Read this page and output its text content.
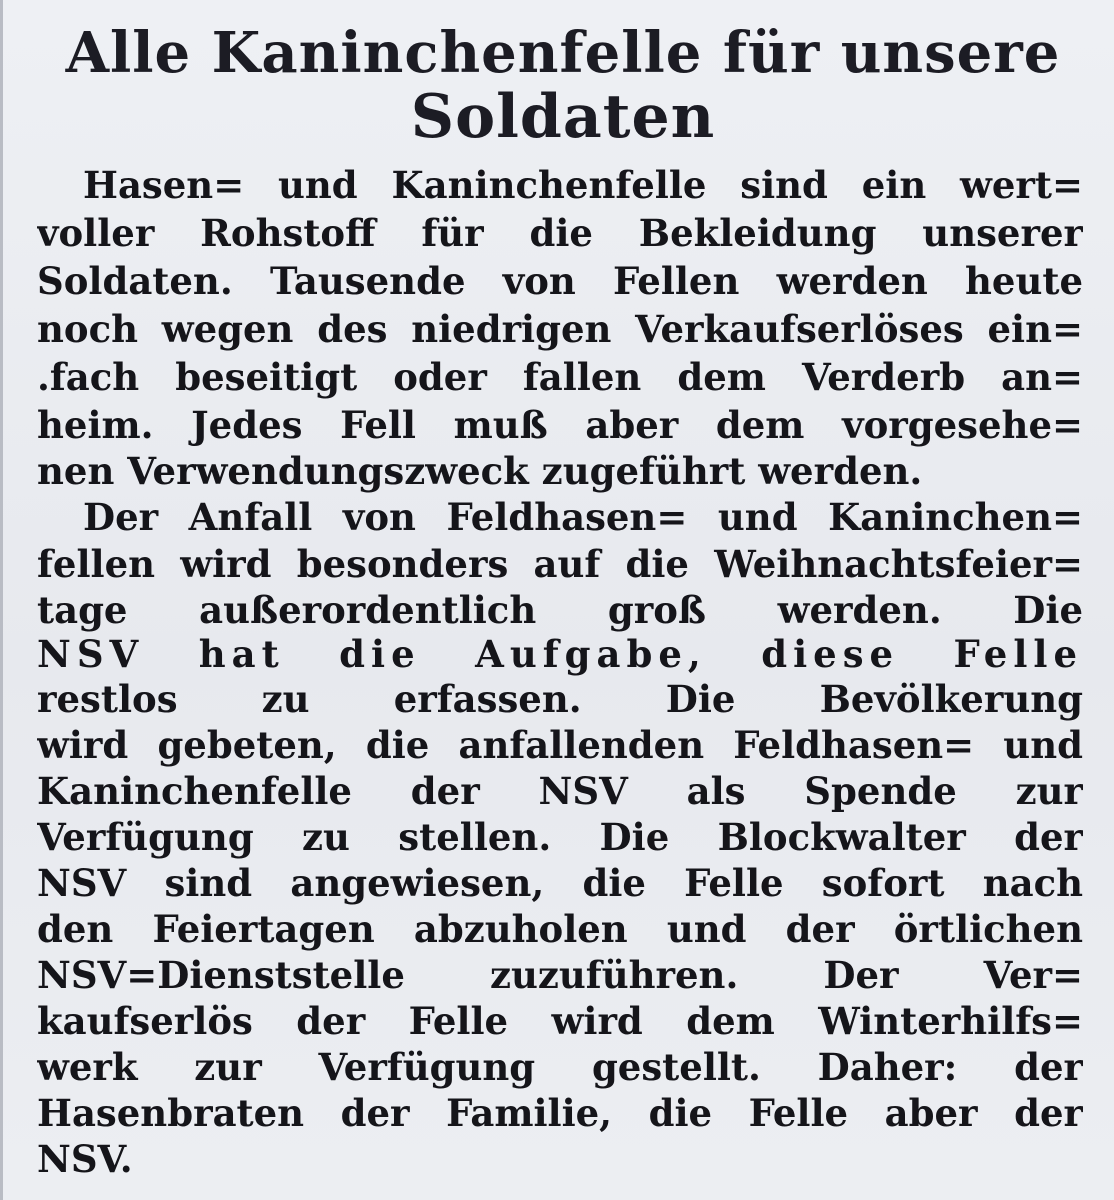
Alle Kaninchenfelle für unsere
Soldaten
Hasen= und Kaninchenfelle sind ein wert=
voller Rohstoff für die Bekleidung unserer
Soldaten. Tausende von Fellen werden heute
noch wegen des niedrigen Verkaufserlöses ein=
.fach beseitigt oder fallen dem Verderb an=
heim. Jedes Fell muß aber dem vorgesehe=
nen Verwendungszweck zugeführt werden.
Der Anfall von Feldhasen= und Kaninchen=
fellen wird besonders auf die Weihnachtsfeier=
tage außerordentlich groß werden. Die
NSV hat die Aufgabe, diese Felle
restlos zu erfassen. Die Bevölkerung
wird gebeten, die anfallenden Feldhasen= und
Kaninchenfelle der NSV als Spende zur
Verfügung zu stellen. Die Blockwalter der
NSV sind angewiesen, die Felle sofort nach
den Feiertagen abzuholen und der örtlichen
NSV=Dienststelle zuzuführen. Der Ver=
kaufserlös der Felle wird dem Winterhilfs=
werk zur Verfügung gestellt. Daher: der
Hasenbraten der Familie, die Felle aber der
NSV.
